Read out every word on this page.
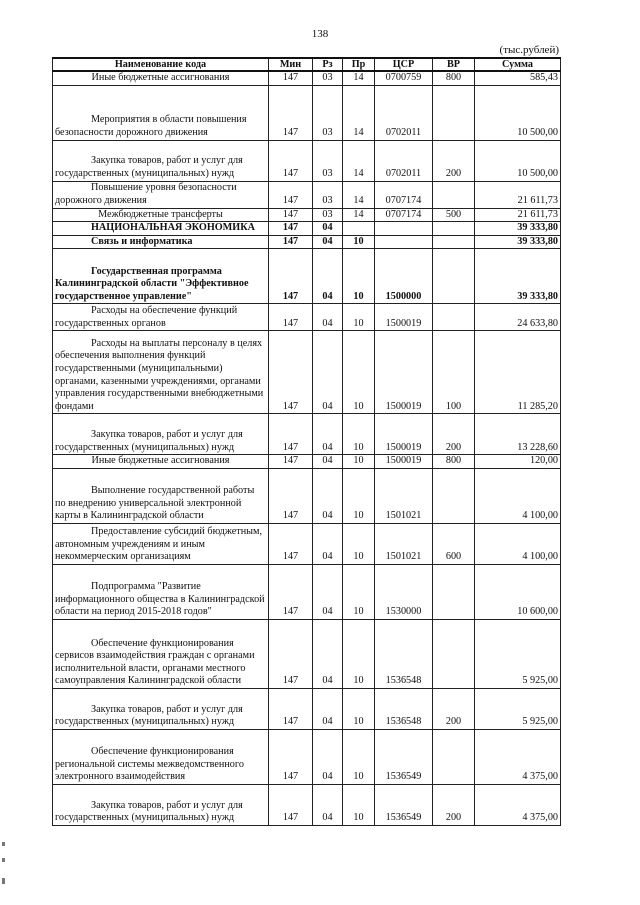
138
(тыс.рублей)
Наименование кода	Мин	Рз	Пр	ЦСР	ВР	Сумма
Иные бюджетные ассигнования	147	03	14	0700759	800	585,43
Мероприятия в области повышения безопасности дорожного движения	147	03	14	0702011		10 500,00
Закупка товаров, работ и услуг для государственных (муниципальных) нужд	147	03	14	0702011	200	10 500,00
Повышение уровня безопасности дорожного движения	147	03	14	0707174		21 611,73
Межбюджетные трансферты	147	03	14	0707174	500	21 611,73
НАЦИОНАЛЬНАЯ ЭКОНОМИКА	147	04				39 333,80
Связь и информатика	147	04	10			39 333,80
Государственная программа Калининградской области "Эффективное государственное управление"	147	04	10	1500000		39 333,80
Расходы на обеспечение функций государственных органов	147	04	10	1500019		24 633,80
Расходы на выплаты персоналу в целях обеспечения выполнения функций государственными (муниципальными) органами, казенными учреждениями, органами управления государственными внебюджетными фондами	147	04	10	1500019	100	11 285,20
Закупка товаров, работ и услуг для государственных (муниципальных) нужд	147	04	10	1500019	200	13 228,60
Иные бюджетные ассигнования	147	04	10	1500019	800	120,00
Выполнение государственной работы по внедрению универсальной электронной карты в Калининградской области	147	04	10	1501021		4 100,00
Предоставление субсидий бюджетным, автономным учреждениям и иным некоммерческим организациям	147	04	10	1501021	600	4 100,00
Подпрограмма "Развитие информационного общества в Калининградской области на период 2015-2018 годов"	147	04	10	1530000		10 600,00
Обеспечение функционирования сервисов взаимодействия граждан с органами исполнительной власти, органами местного самоуправления Калининградской области	147	04	10	1536548		5 925,00
Закупка товаров, работ и услуг для государственных (муниципальных) нужд	147	04	10	1536548	200	5 925,00
Обеспечение функционирования региональной системы межведомственного электронного взаимодействия	147	04	10	1536549		4 375,00
Закупка товаров, работ и услуг для государственных (муниципальных) нужд	147	04	10	1536549	200	4 375,00
